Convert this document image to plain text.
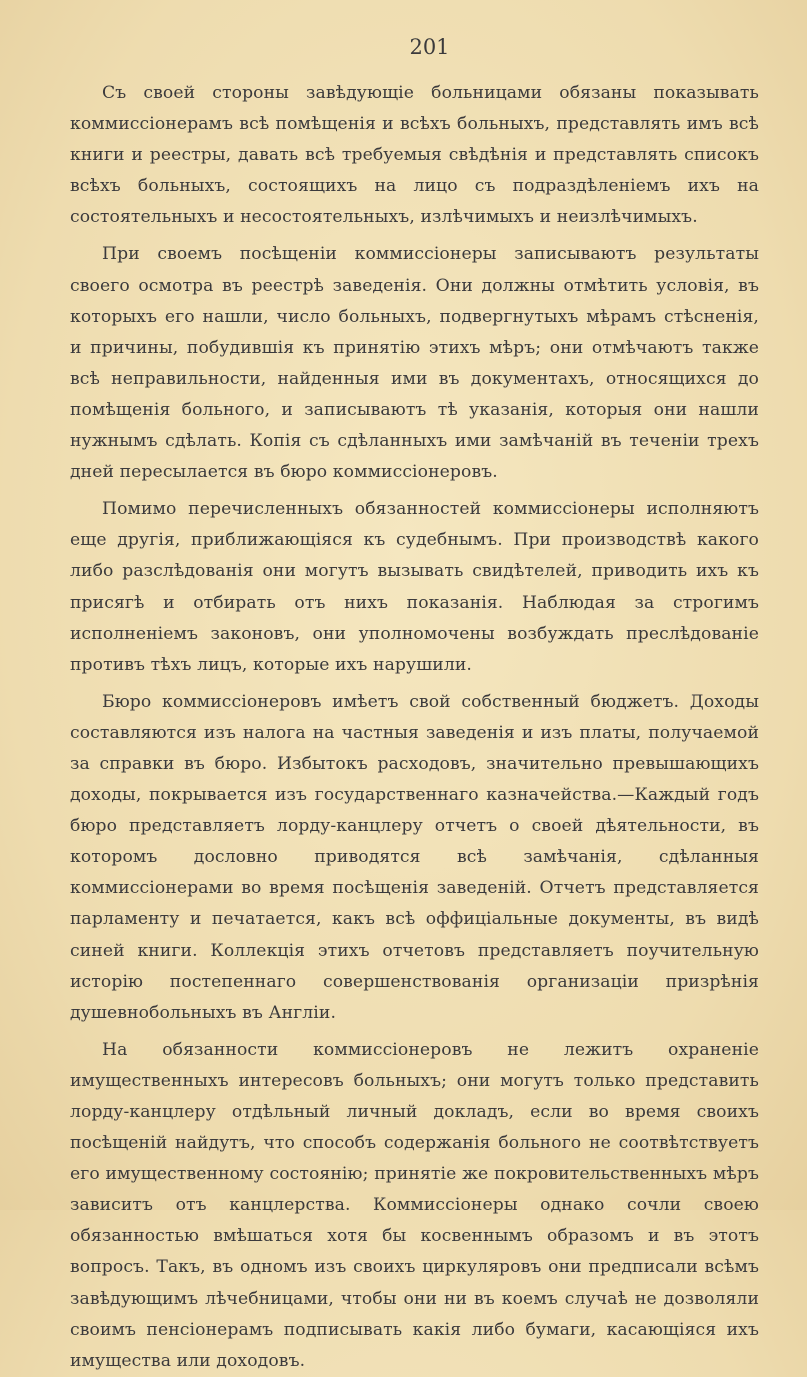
201

Съ своей стороны завѣдующіе больницами обязаны показывать коммиссіонерамъ всѣ помѣщенія и всѣхъ больныхъ, представлять имъ всѣ книги и реестры, давать всѣ требуемыя свѣдѣнія и представлять списокъ всѣхъ больныхъ, состоящихъ на лицо съ подраздѣленіемъ ихъ на состоятельныхъ и несостоятельныхъ, излѣчимыхъ и неизлѣчимыхъ.

При своемъ посѣщеніи коммиссіонеры записываютъ результаты своего осмотра въ реестрѣ заведенія. Они должны отмѣтить условія, въ которыхъ его нашли, число больныхъ, подвергнутыхъ мѣрамъ стѣсненія, и причины, побудившія къ принятію этихъ мѣръ; они отмѣчаютъ также всѣ неправильности, найденныя ими въ документахъ, относящихся до помѣщенія больного, и записываютъ тѣ указанія, которыя они нашли нужнымъ сдѣлать. Копія съ сдѣланныхъ ими замѣчаній въ теченіи трехъ дней пересылается въ бюро коммиссіонеровъ.

Помимо перечисленныхъ обязанностей коммиссіонеры исполняютъ еще другія, приближающіяся къ судебнымъ. При производствѣ какого либо разслѣдованія они могутъ вызывать свидѣтелей, приводить ихъ къ присягѣ и отбирать отъ нихъ показанія. Наблюдая за строгимъ исполненіемъ законовъ, они уполномочены возбуждать преслѣдованіе противъ тѣхъ лицъ, которые ихъ нарушили.

Бюро коммиссіонеровъ имѣетъ свой собственный бюджетъ. Доходы составляются изъ налога на частныя заведенія и изъ платы, получаемой за справки въ бюро. Избытокъ расходовъ, значительно превышающихъ доходы, покрывается изъ государственнаго казначейства.—Каждый годъ бюро представляетъ лорду-канцлеру отчетъ о своей дѣятельности, въ которомъ дословно приводятся всѣ замѣчанія, сдѣланныя коммиссіонерами во время посѣщенія заведеній. Отчетъ представляется парламенту и печатается, какъ всѣ оффиціальные документы, въ видѣ синей книги. Коллекція этихъ отчетовъ представляетъ поучительную исторію постепеннаго совершенствованія организаціи призрѣнія душевнобольныхъ въ Англіи.

На обязанности коммиссіонеровъ не лежитъ охраненіе имущественныхъ интересовъ больныхъ; они могутъ только представить лорду-канцлеру отдѣльный личный докладъ, если во время своихъ посѣщеній найдутъ, что способъ содержанія больного не соотвѣтствуетъ его имущественному состоянію; принятіе же покровительственныхъ мѣръ зависитъ отъ канцлерства. Коммиссіонеры однако сочли своею обязанностью вмѣшаться хотя бы косвеннымъ образомъ и въ этотъ вопросъ. Такъ, въ одномъ изъ своихъ циркуляровъ они предписали всѣмъ завѣдующимъ лѣчебницами, чтобы они ни въ коемъ случаѣ не дозволяли своимъ пенсіонерамъ подписывать какія либо бумаги, касающіяся ихъ имущества или доходовъ.
